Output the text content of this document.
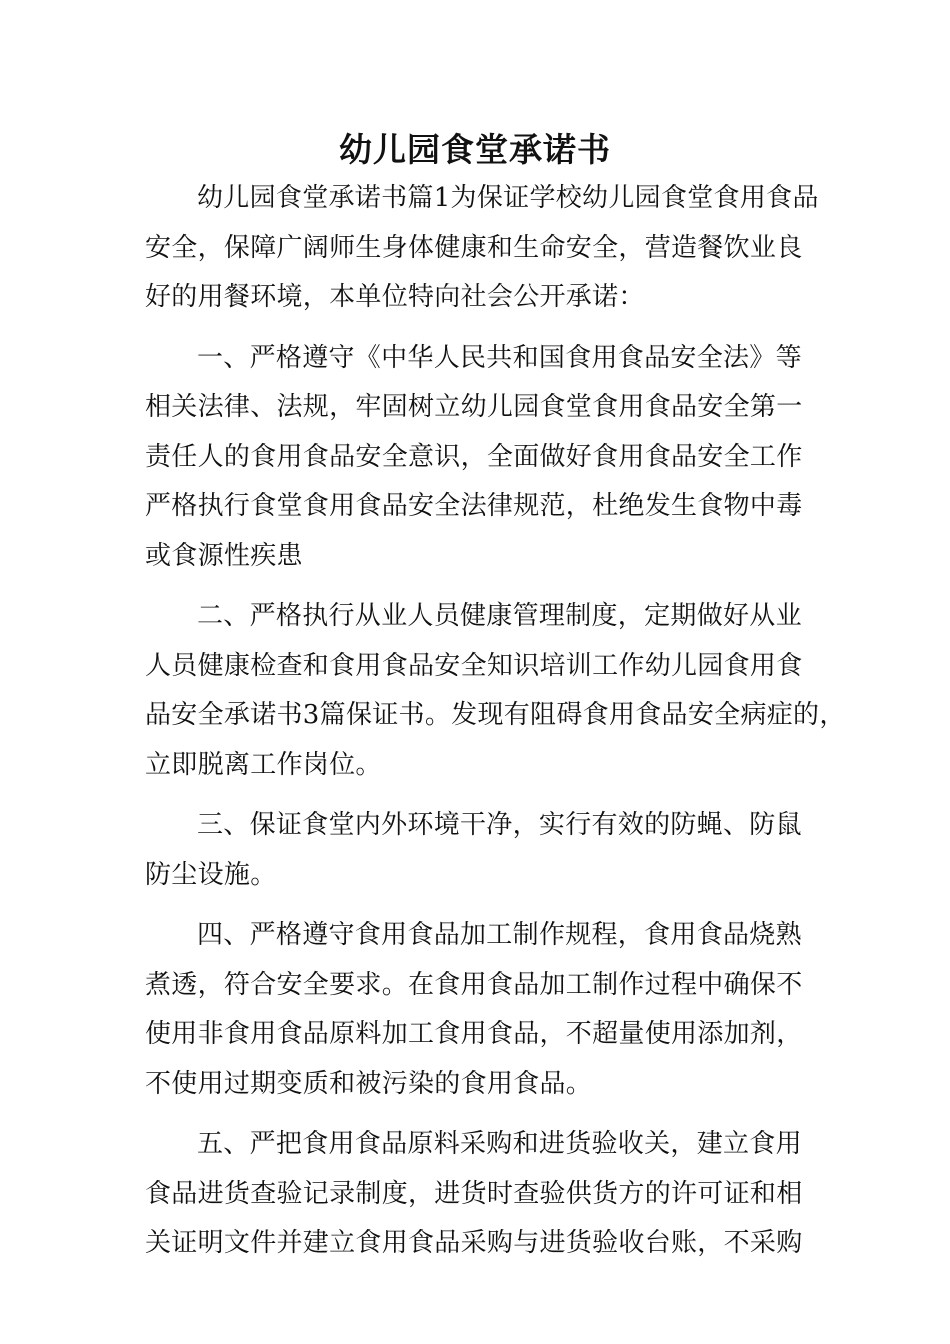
幼儿园食堂承诺书
幼儿园食堂承诺书篇1为保证学校幼儿园食堂食用食品
安全，保障广阔师生身体健康和生命安全，营造餐饮业良
好的用餐环境，本单位特向社会公开承诺：
一、严格遵守《中华人民共和国食用食品安全法》等
相关法律、法规，牢固树立幼儿园食堂食用食品安全第一
责任人的食用食品安全意识，全面做好食用食品安全工作
严格执行食堂食用食品安全法律规范，杜绝发生食物中毒
或食源性疾患
二、严格执行从业人员健康管理制度，定期做好从业
人员健康检查和食用食品安全知识培训工作幼儿园食用食
品安全承诺书3篇保证书。发现有阻碍食用食品安全病症的，
立即脱离工作岗位。
三、保证食堂内外环境干净，实行有效的防蝇、防鼠
防尘设施。
四、严格遵守食用食品加工制作规程，食用食品烧熟
煮透，符合安全要求。在食用食品加工制作过程中确保不
使用非食用食品原料加工食用食品，不超量使用添加剂，
不使用过期变质和被污染的食用食品。
五、严把食用食品原料采购和进货验收关，建立食用
食品进货查验记录制度，进货时查验供货方的许可证和相
关证明文件并建立食用食品采购与进货验收台账，不采购
